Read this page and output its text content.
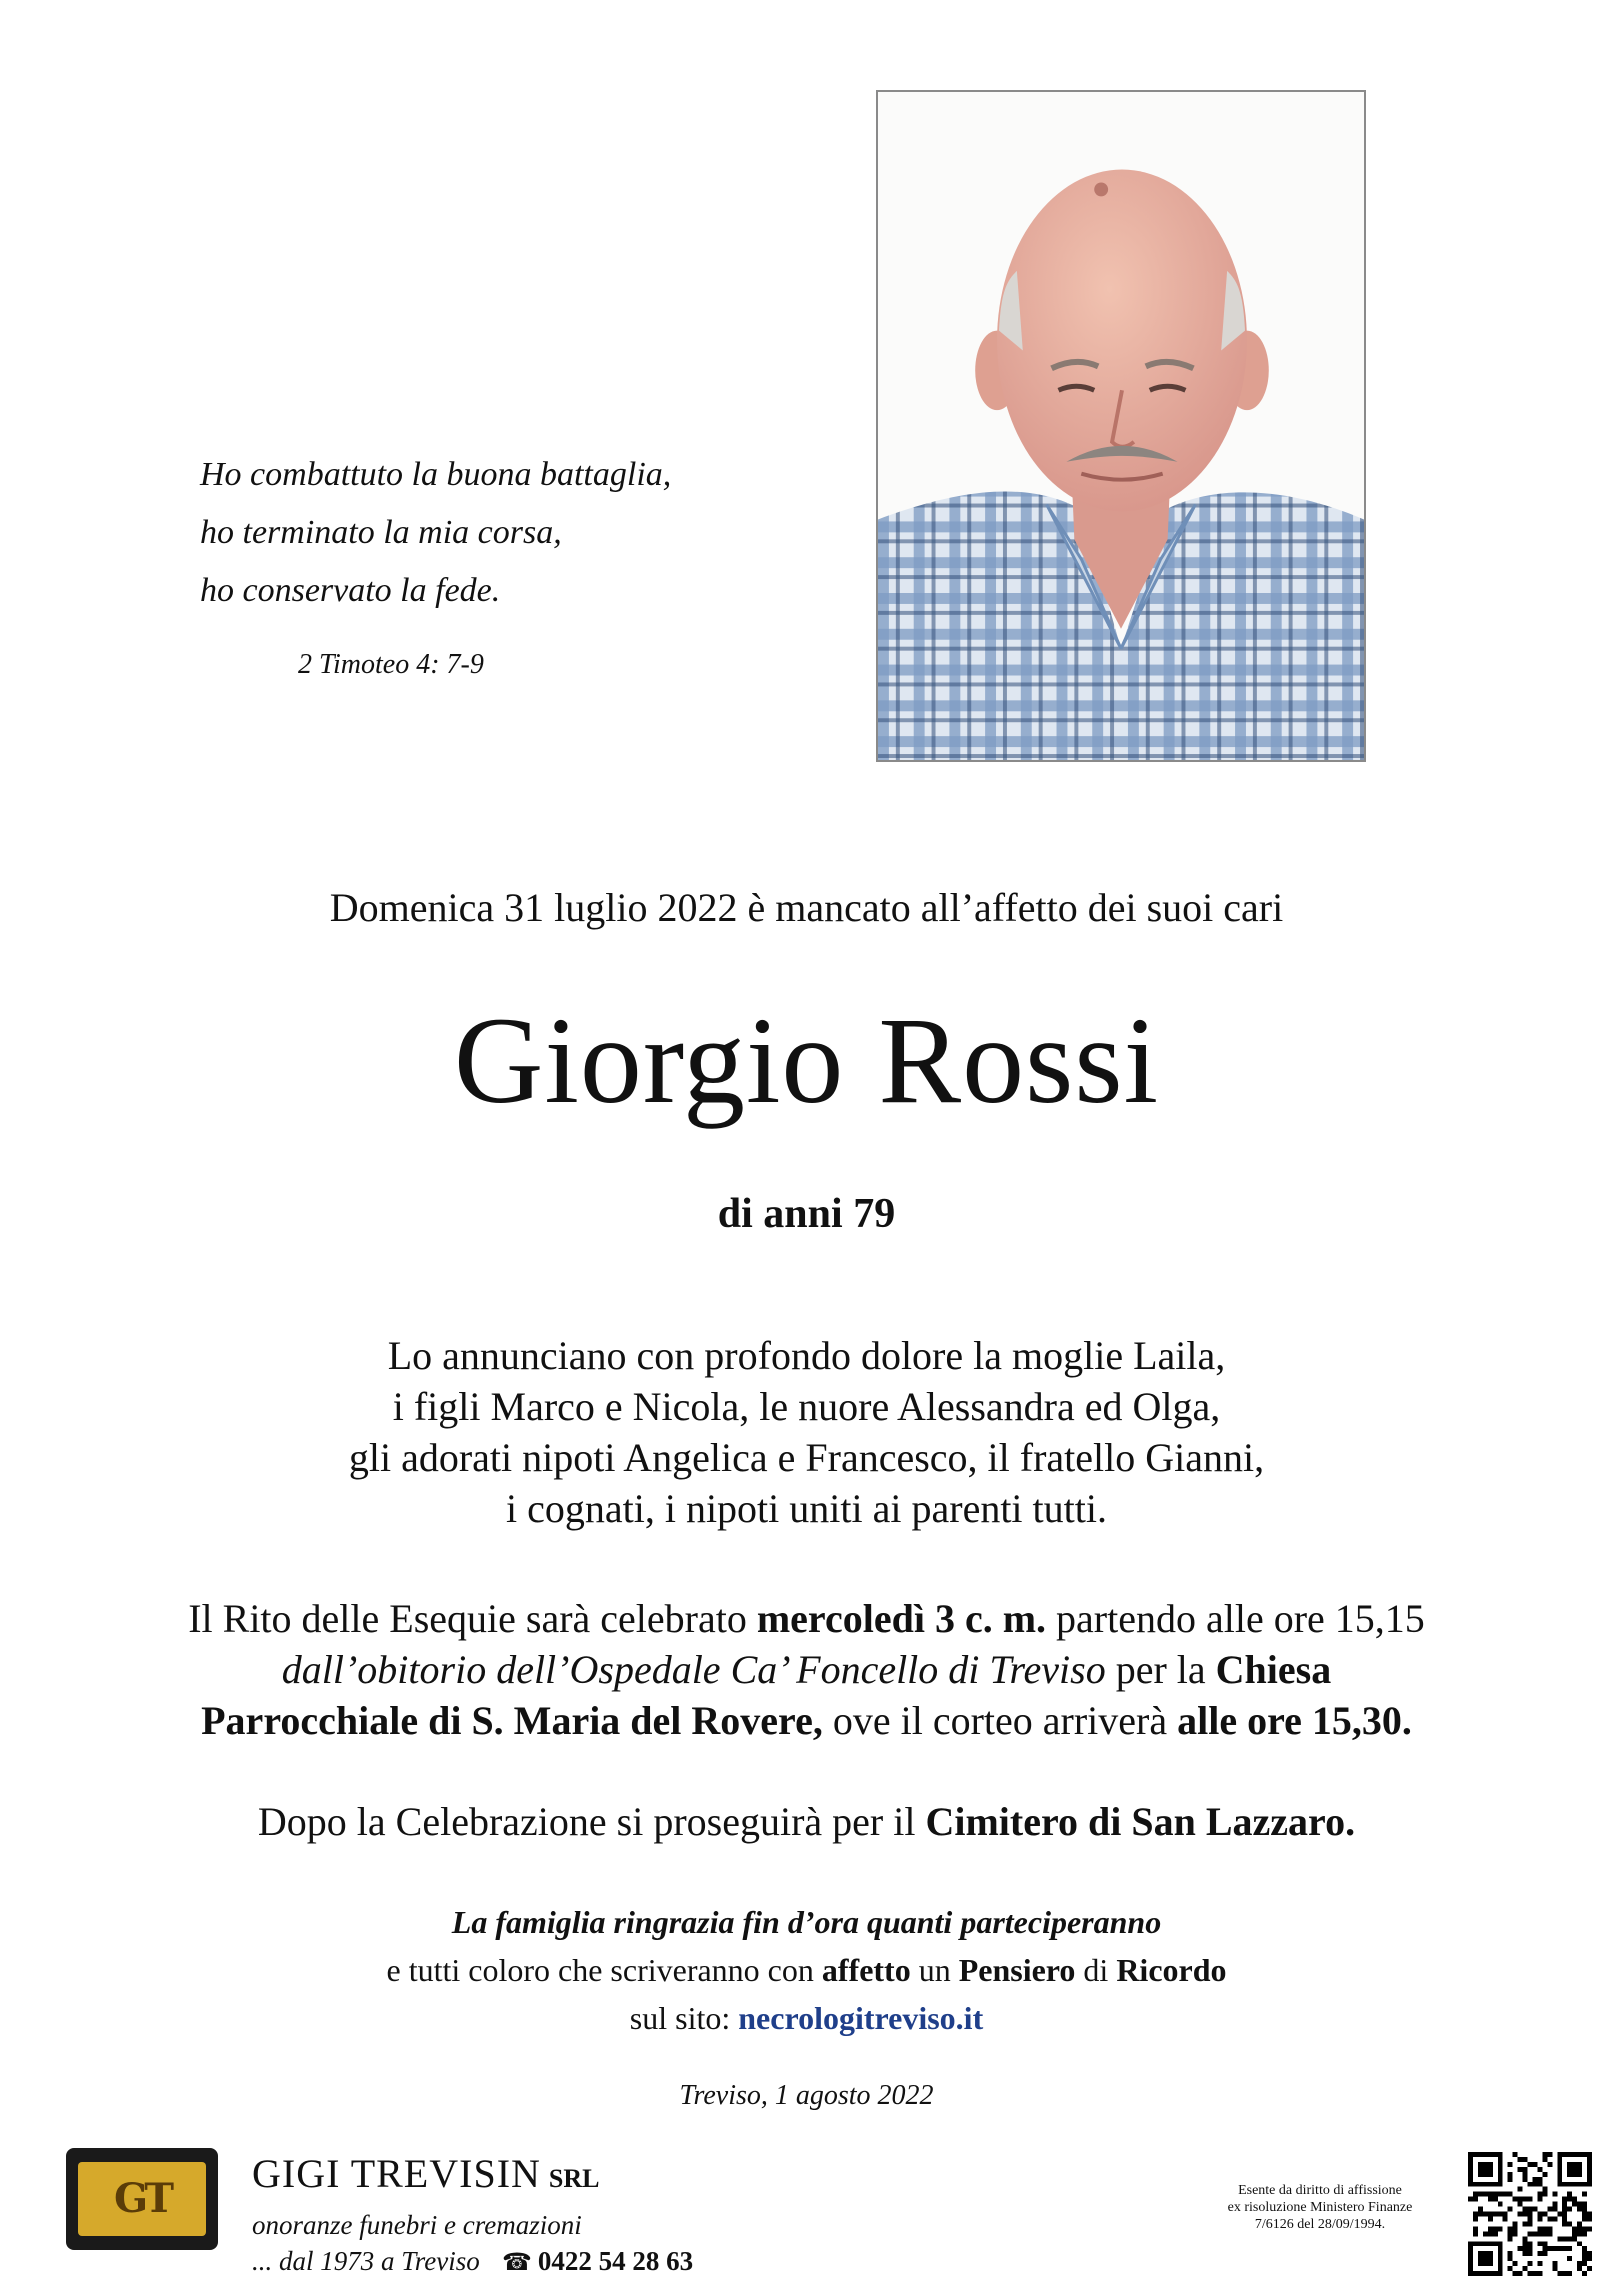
Ho combattuto la buona battaglia,
ho terminato la mia corsa,
ho conservato la fede.
2 Timoteo 4: 7-9
Domenica 31 luglio 2022 è mancato all’affetto dei suoi cari
Giorgio Rossi
di anni 79
Lo annunciano con profondo dolore la moglie Laila,
i figli Marco e Nicola, le nuore Alessandra ed Olga,
gli adorati nipoti Angelica e Francesco, il fratello Gianni,
i cognati, i nipoti uniti ai parenti tutti.
Il Rito delle Esequie sarà celebrato mercoledì 3 c. m. partendo alle ore 15,15
dall’obitorio dell’Ospedale Ca’ Foncello di Treviso per la Chiesa
Parrocchiale di S. Maria del Rovere, ove il corteo arriverà alle ore 15,30.
Dopo la Celebrazione si proseguirà per il Cimitero di San Lazzaro.
La famiglia ringrazia fin d’ora quanti parteciperanno
e tutti coloro che scriveranno con affetto un Pensiero di Ricordo
sul sito: necrologitreviso.it
Treviso, 1 agosto 2022
GT
GIGI TREVISIN SRL
onoranze funebri e cremazioni
... dal 1973 a Treviso ☎ 0422 54 28 63
Esente da diritto di affissione
ex risoluzione Ministero Finanze
7/6126 del 28/09/1994.
